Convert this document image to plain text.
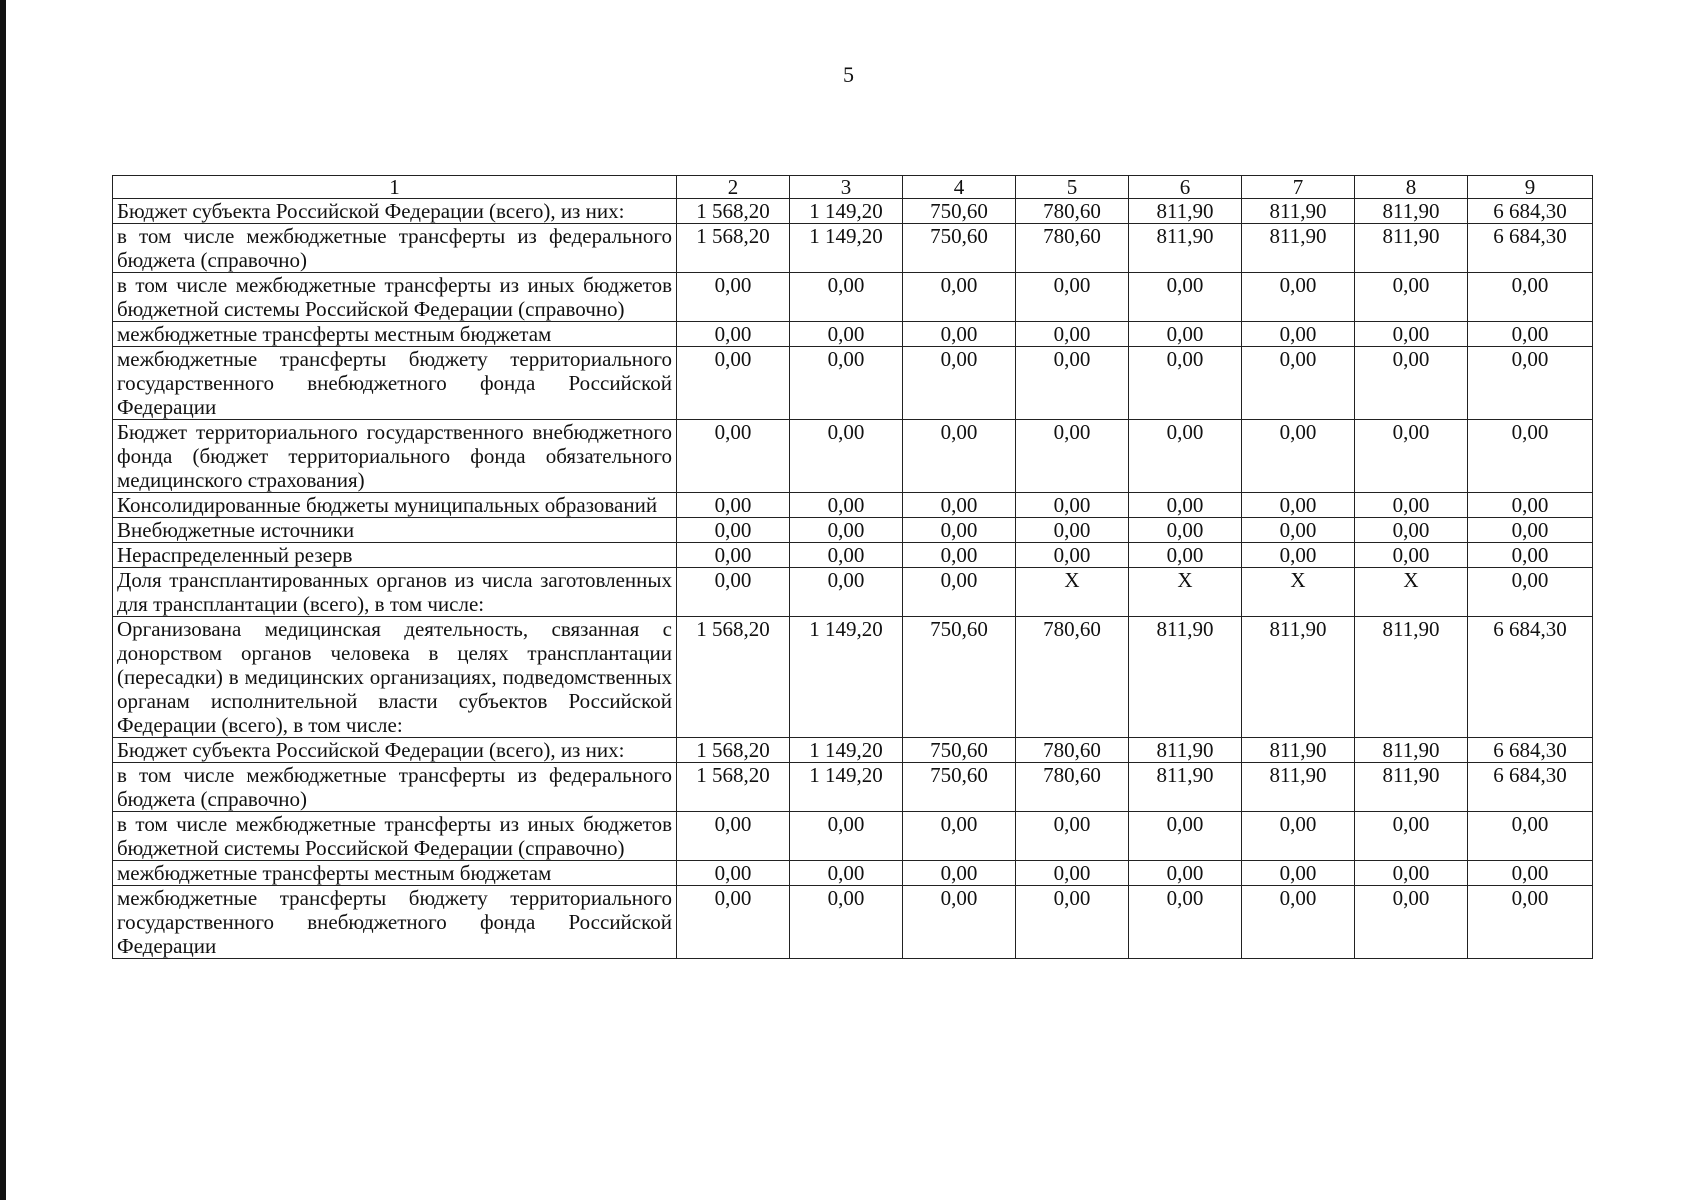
5
1	2	3	4	5	6	7	8	9
Бюджет субъекта Российской Федерации (всего), из них:	1 568,20	1 149,20	750,60	780,60	811,90	811,90	811,90	6 684,30
в том числе межбюджетные трансферты из федерального бюджета (справочно)	1 568,20	1 149,20	750,60	780,60	811,90	811,90	811,90	6 684,30
в том числе межбюджетные трансферты из иных бюджетов бюджетной системы Российской Федерации (справочно)	0,00	0,00	0,00	0,00	0,00	0,00	0,00	0,00
межбюджетные трансферты местным бюджетам	0,00	0,00	0,00	0,00	0,00	0,00	0,00	0,00
межбюджетные трансферты бюджету территориального государственного внебюджетного фонда Российской Федерации	0,00	0,00	0,00	0,00	0,00	0,00	0,00	0,00
Бюджет территориального государственного внебюджетного фонда (бюджет территориального фонда обязательного медицинского страхования)	0,00	0,00	0,00	0,00	0,00	0,00	0,00	0,00
Консолидированные бюджеты муниципальных образований	0,00	0,00	0,00	0,00	0,00	0,00	0,00	0,00
Внебюджетные источники	0,00	0,00	0,00	0,00	0,00	0,00	0,00	0,00
Нераспределенный резерв	0,00	0,00	0,00	0,00	0,00	0,00	0,00	0,00
Доля трансплантированных органов из числа заготовленных для трансплантации (всего), в том числе:	0,00	0,00	0,00	X	X	X	X	0,00
Организована медицинская деятельность, связанная с донорством органов человека в целях трансплантации (пересадки) в медицинских организациях, подведомственных органам исполнительной власти субъектов Российской Федерации (всего), в том числе:	1 568,20	1 149,20	750,60	780,60	811,90	811,90	811,90	6 684,30
Бюджет субъекта Российской Федерации (всего), из них:	1 568,20	1 149,20	750,60	780,60	811,90	811,90	811,90	6 684,30
в том числе межбюджетные трансферты из федерального бюджета (справочно)	1 568,20	1 149,20	750,60	780,60	811,90	811,90	811,90	6 684,30
в том числе межбюджетные трансферты из иных бюджетов бюджетной системы Российской Федерации (справочно)	0,00	0,00	0,00	0,00	0,00	0,00	0,00	0,00
межбюджетные трансферты местным бюджетам	0,00	0,00	0,00	0,00	0,00	0,00	0,00	0,00
межбюджетные трансферты бюджету территориального государственного внебюджетного фонда Российской Федерации	0,00	0,00	0,00	0,00	0,00	0,00	0,00	0,00
